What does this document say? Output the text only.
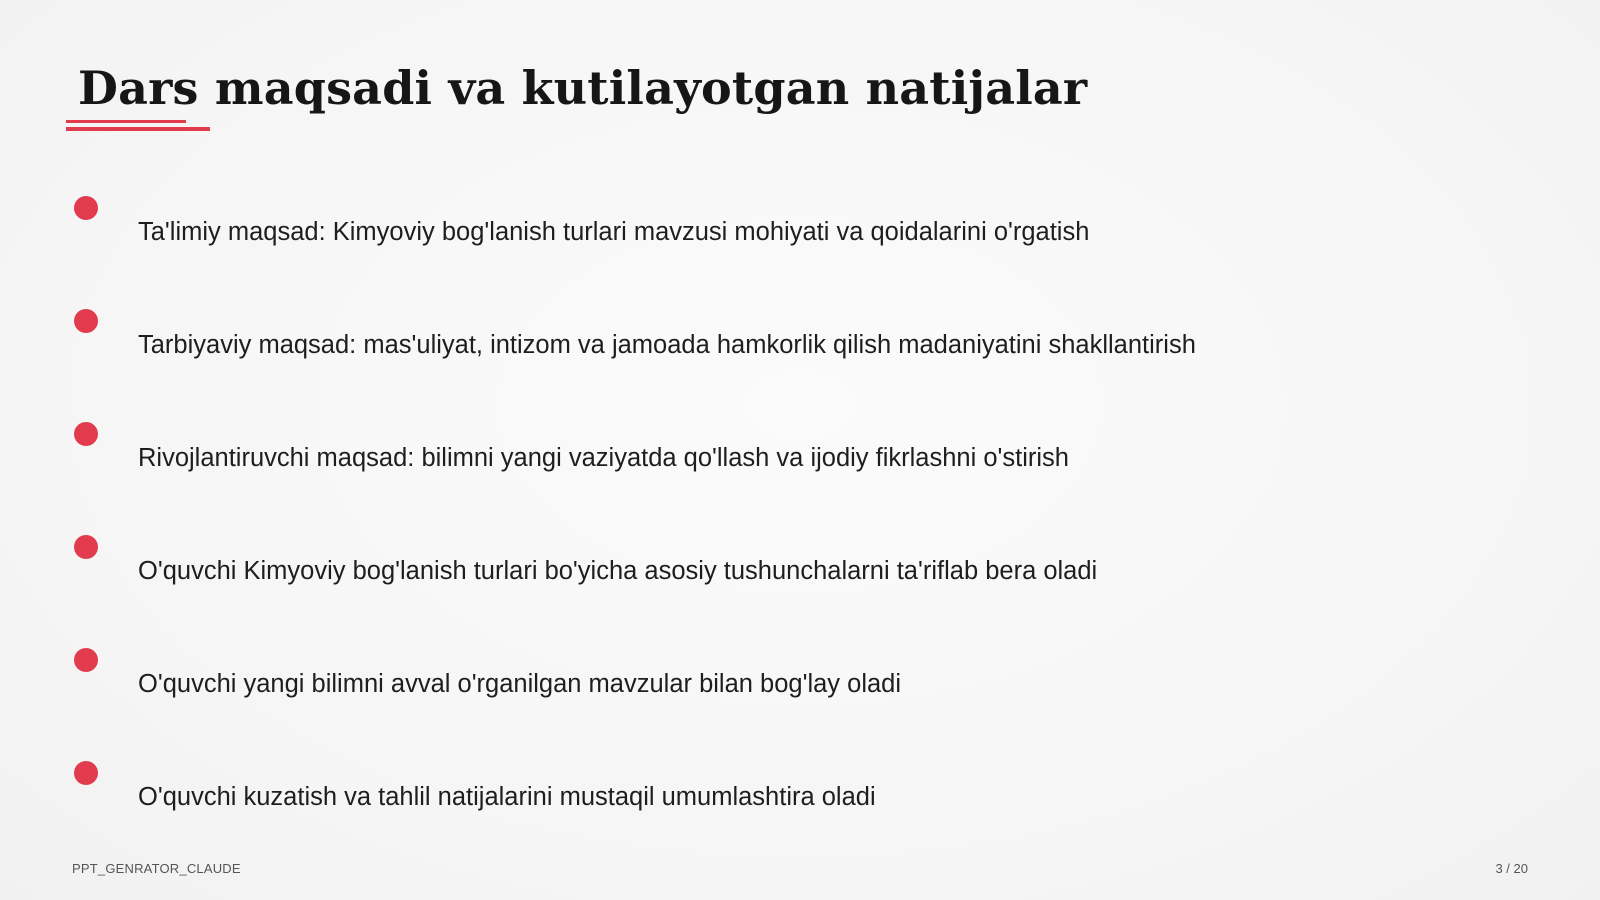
Dars maqsadi va kutilayotgan natijalar
Ta'limiy maqsad: Kimyoviy bog'lanish turlari mavzusi mohiyati va qoidalarini o'rgatish
Tarbiyaviy maqsad: mas'uliyat, intizom va jamoada hamkorlik qilish madaniyatini shakllantirish
Rivojlantiruvchi maqsad: bilimni yangi vaziyatda qo'llash va ijodiy fikrlashni o'stirish
O'quvchi Kimyoviy bog'lanish turlari bo'yicha asosiy tushunchalarni ta'riflab bera oladi
O'quvchi yangi bilimni avval o'rganilgan mavzular bilan bog'lay oladi
O'quvchi kuzatish va tahlil natijalarini mustaqil umumlashtira oladi
PPT_GENRATOR_CLAUDE	3 / 20
